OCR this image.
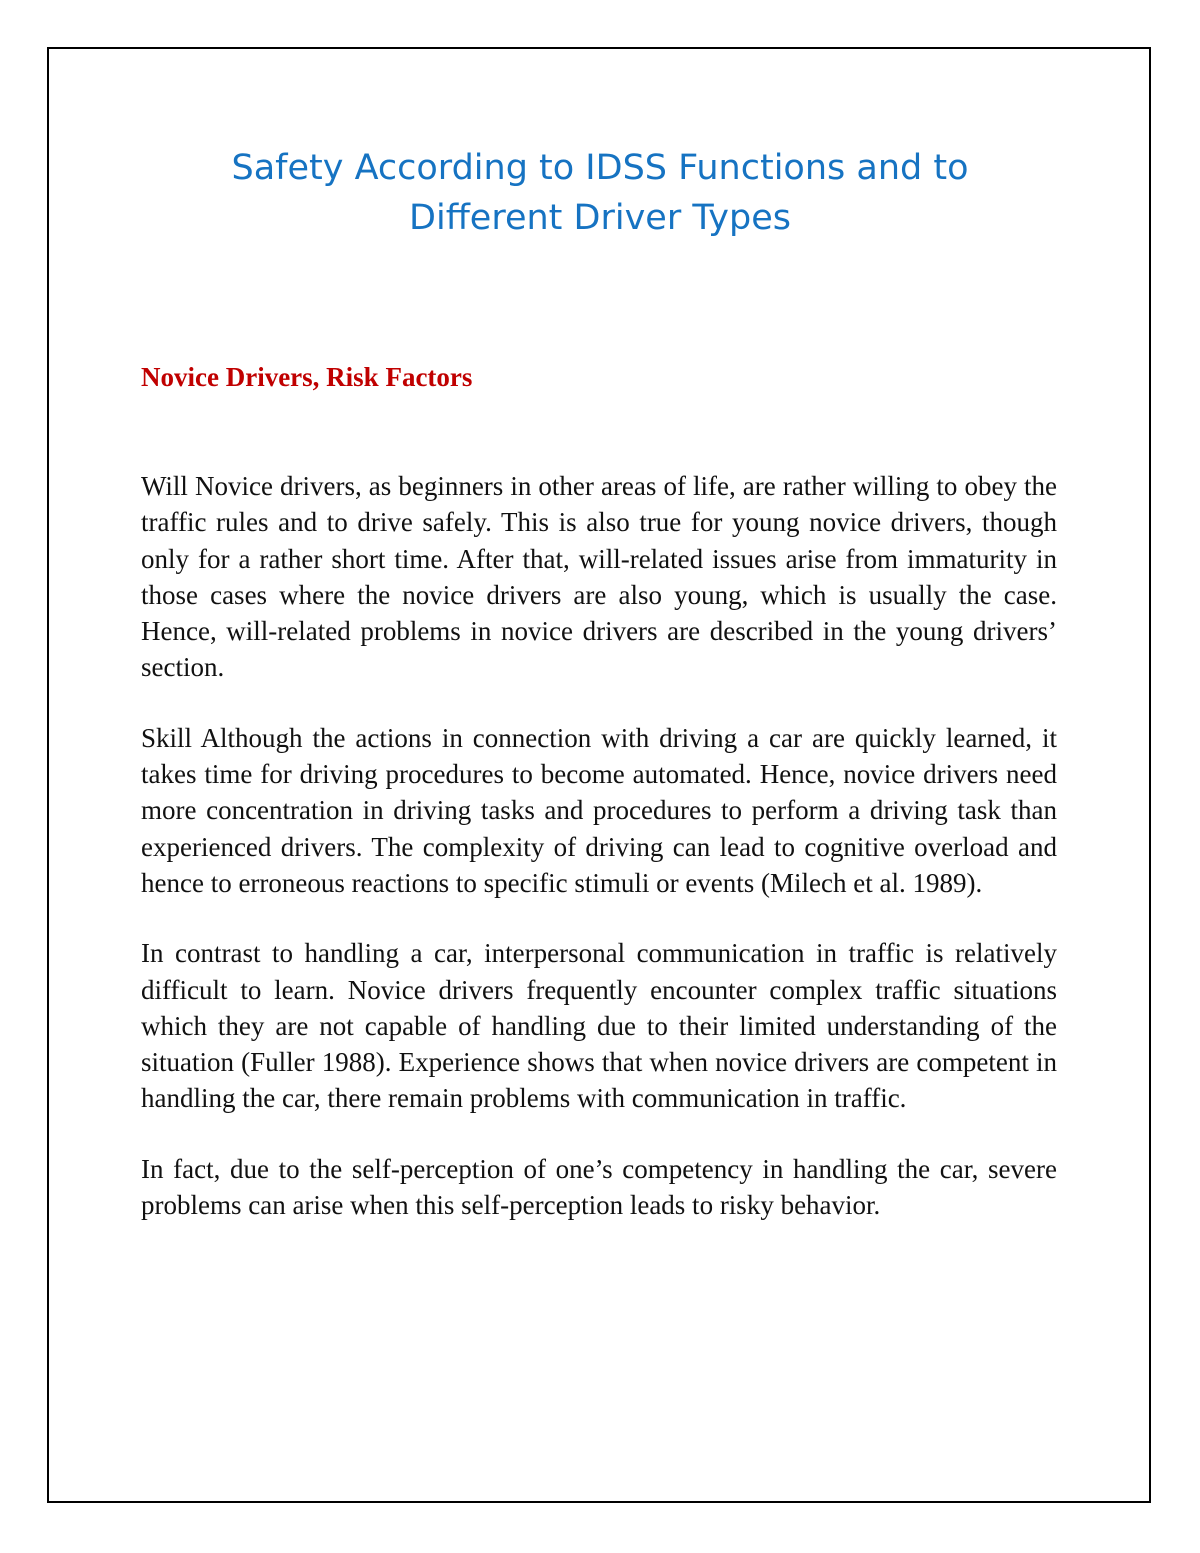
Safety According to IDSS Functions and to
Different Driver Types
Novice Drivers, Risk Factors

Will Novice drivers, as beginners in other areas of life, are rather willing to obey the traffic rules and to drive safely. This is also true for young novice drivers, though only for a rather short time. After that, will-related issues arise from immaturity in those cases where the novice drivers are also young, which is usually the case. Hence, will-related problems in novice drivers are described in the young drivers’ section.

Skill Although the actions in connection with driving a car are quickly learned, it takes time for driving procedures to become automated. Hence, novice drivers need more concentration in driving tasks and procedures to perform a driving task than experienced drivers. The complexity of driving can lead to cognitive overload and hence to erroneous reactions to specific stimuli or events (Milech et al. 1989).

In contrast to handling a car, interpersonal communication in traffic is relatively difficult to learn. Novice drivers frequently encounter complex traffic situations which they are not capable of handling due to their limited understanding of the situation (Fuller 1988). Experience shows that when novice drivers are competent in handling the car, there remain problems with communication in traffic.

In fact, due to the self-perception of one’s competency in handling the car, severe problems can arise when this self-perception leads to risky behavior.
